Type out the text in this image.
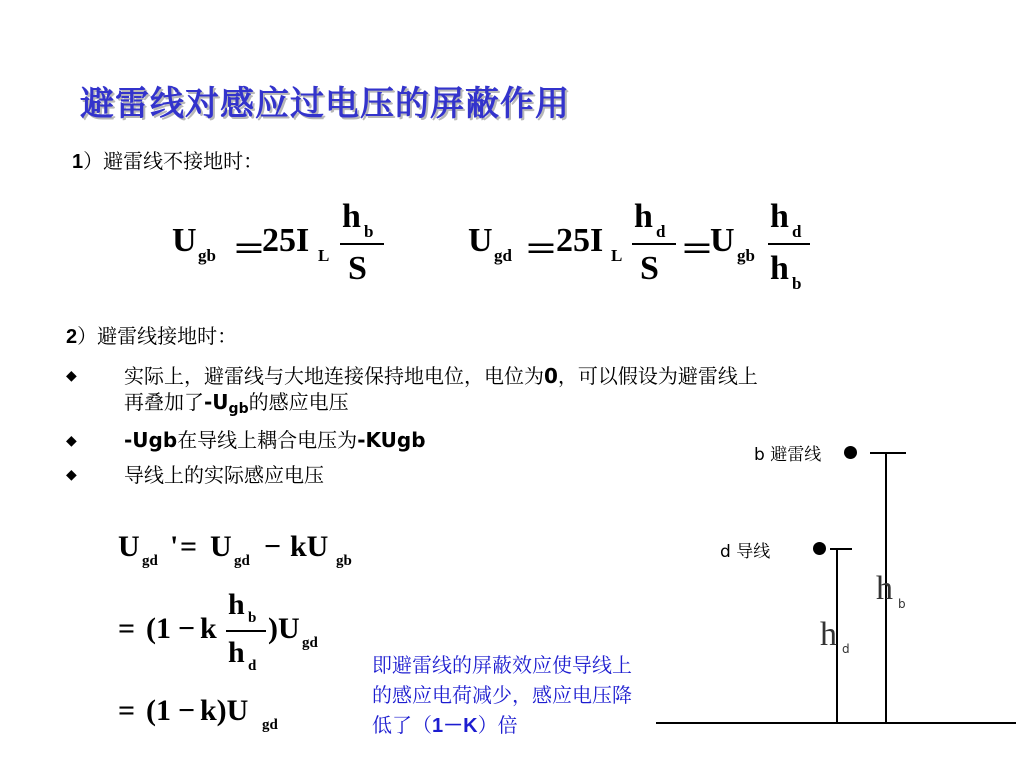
避雷线对感应过电压的屏蔽作用
1）避雷线不接地时：
U gb ＝
25I L
h b
S
U gd ＝
25I L
h d
S ＝
U gb
h d
h b
2）避雷线接地时：
◆ 实际上，避雷线与大地连接保持地电位，电位为0，可以假设为避雷线上
再叠加了$-U_{gb}$的感应电压
◆ -Ugb在导线上耦合电压为-KUgb
◆ 导线上的实际感应电压
U gd ' = U gd − kU gb
= (1 − k
h b
h d
)U gd
= (1 − k)U gd
即避雷线的屏蔽效应使导线上
的感应电荷减少，感应电压降
低了（1－K）倍
b 避雷线
d 导线
h b
h d
